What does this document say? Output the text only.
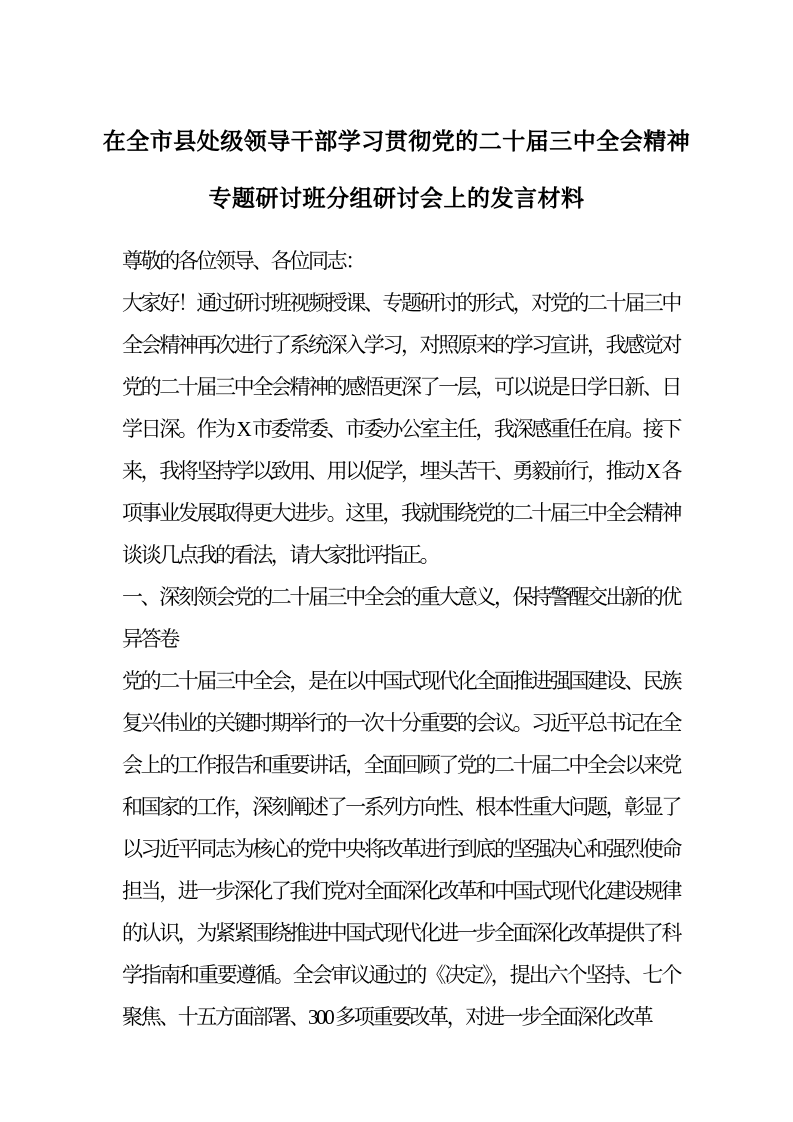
在全市县处级领导干部学习贯彻党的二十届三中全会精神
专题研讨班分组研讨会上的发言材料

尊敬的各位领导、各位同志：

大家好！通过研讨班视频授课、专题研讨的形式，对党的二十届三中全会精神再次进行了系统深入学习，对照原来的学习宣讲，我感觉对党的二十届三中全会精神的感悟更深了一层，可以说是日学日新、日学日深。作为 X 市委常委、市委办公室主任，我深感重任在肩。接下来，我将坚持学以致用、用以促学，埋头苦干、勇毅前行，推动 X 各项事业发展取得更大进步。这里，我就围绕党的二十届三中全会精神谈谈几点我的看法，请大家批评指正。

一、深刻领会党的二十届三中全会的重大意义，保持警醒交出新的优异答卷

党的二十届三中全会，是在以中国式现代化全面推进强国建设、民族复兴伟业的关键时期举行的一次十分重要的会议。习近平总书记在全会上的工作报告和重要讲话，全面回顾了党的二十届二中全会以来党和国家的工作，深刻阐述了一系列方向性、根本性重大问题，彰显了以习近平同志为核心的党中央将改革进行到底的坚强决心和强烈使命担当，进一步深化了我们党对全面深化改革和中国式现代化建设规律的认识，为紧紧围绕推进中国式现代化进一步全面深化改革提供了科学指南和重要遵循。全会审议通过的《决定》，提出六个坚持、七个聚焦、十五方面部署、300 多项重要改革，对进一步全面深化改革
